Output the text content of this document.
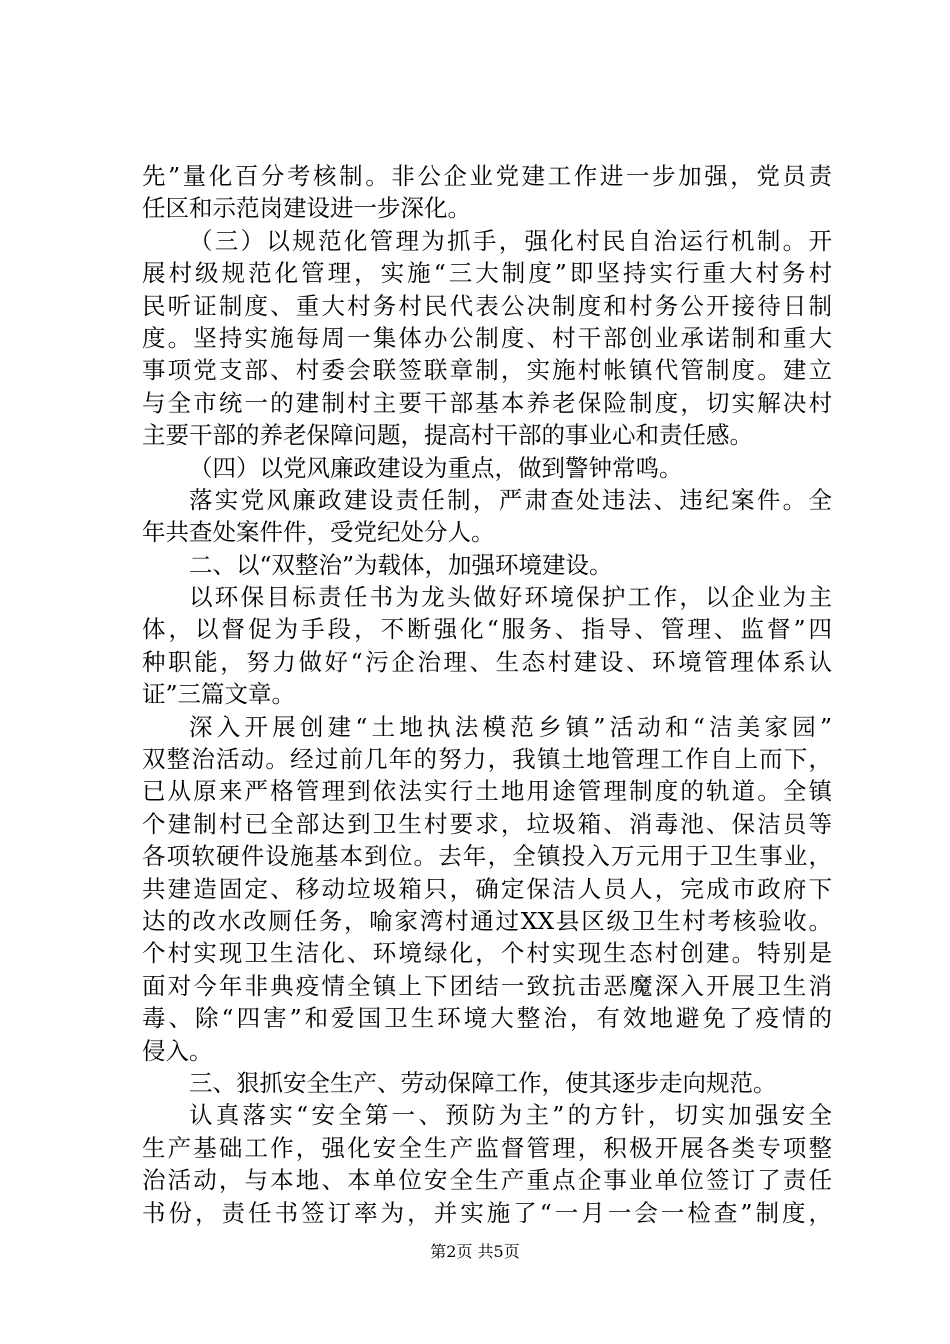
先”量化百分考核制。非公企业党建工作进一步加强，党员责
任区和示范岗建设进一步深化。
（三）以规范化管理为抓手，强化村民自治运行机制。开
展村级规范化管理，实施“三大制度”即坚持实行重大村务村
民听证制度、重大村务村民代表公决制度和村务公开接待日制
度。坚持实施每周一集体办公制度、村干部创业承诺制和重大
事项党支部、村委会联签联章制，实施村帐镇代管制度。建立
与全市统一的建制村主要干部基本养老保险制度，切实解决村
主要干部的养老保障问题，提高村干部的事业心和责任感。
（四）以党风廉政建设为重点，做到警钟常鸣。
落实党风廉政建设责任制，严肃查处违法、违纪案件。全
年共查处案件件，受党纪处分人。
二、以“双整治”为载体，加强环境建设。
以环保目标责任书为龙头做好环境保护工作，以企业为主
体，以督促为手段，不断强化“服务、指导、管理、监督”四
种职能，努力做好“污企治理、生态村建设、环境管理体系认
证”三篇文章。
深入开展创建“土地执法模范乡镇”活动和“洁美家园”
双整治活动。经过前几年的努力，我镇土地管理工作自上而下，
已从原来严格管理到依法实行土地用途管理制度的轨道。全镇
个建制村已全部达到卫生村要求，垃圾箱、消毒池、保洁员等
各项软硬件设施基本到位。去年，全镇投入万元用于卫生事业，
共建造固定、移动垃圾箱只，确定保洁人员人，完成市政府下
达的改水改厕任务，喻家湾村通过XX县区级卫生村考核验收。
个村实现卫生洁化、环境绿化，个村实现生态村创建。特别是
面对今年非典疫情全镇上下团结一致抗击恶魔深入开展卫生消
毒、除“四害”和爱国卫生环境大整治，有效地避免了疫情的
侵入。
三、狠抓安全生产、劳动保障工作，使其逐步走向规范。
认真落实“安全第一、预防为主”的方针，切实加强安全
生产基础工作，强化安全生产监督管理，积极开展各类专项整
治活动，与本地、本单位安全生产重点企事业单位签订了责任
书份，责任书签订率为，并实施了“一月一会一检查”制度，
第2页 共5页
